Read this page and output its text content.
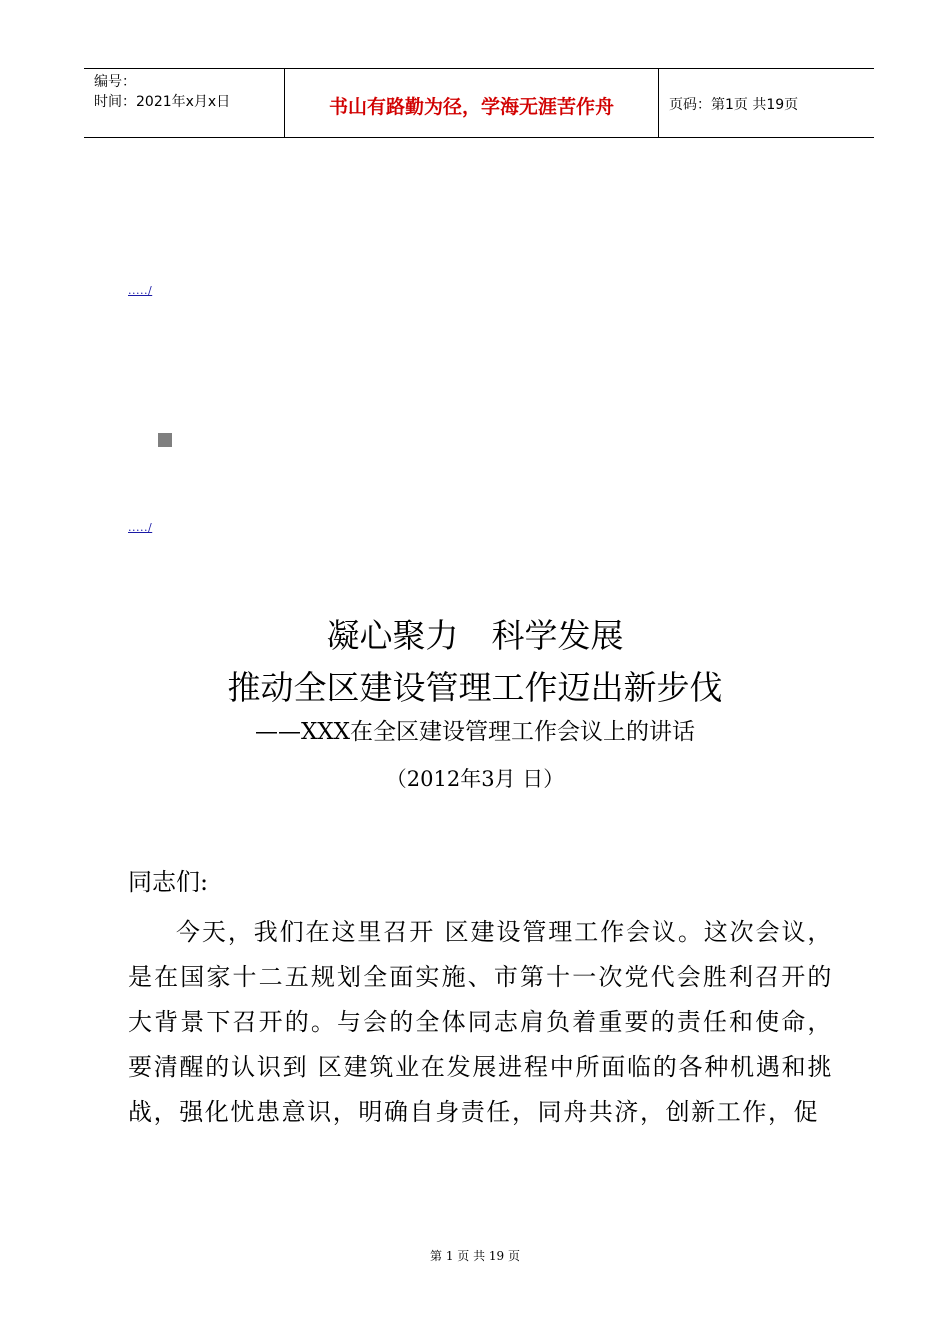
编号：
时间：2021年x月x日	书山有路勤为径，学海无涯苦作舟	页码：第1页 共19页
...../
...../
凝心聚力　科学发展
推动全区建设管理工作迈出新步伐
——XXX在全区建设管理工作会议上的讲话
（2012年3月 日）
同志们:
今天，我们在这里召开 区建设管理工作会议。这次会议，是在国家十二五规划全面实施、市第十一次党代会胜利召开的大背景下召开的。与会的全体同志肩负着重要的责任和使命，要清醒的认识到 区建筑业在发展进程中所面临的各种机遇和挑战，强化忧患意识，明确自身责任，同舟共济，创新工作，促
第 1 页 共 19 页
